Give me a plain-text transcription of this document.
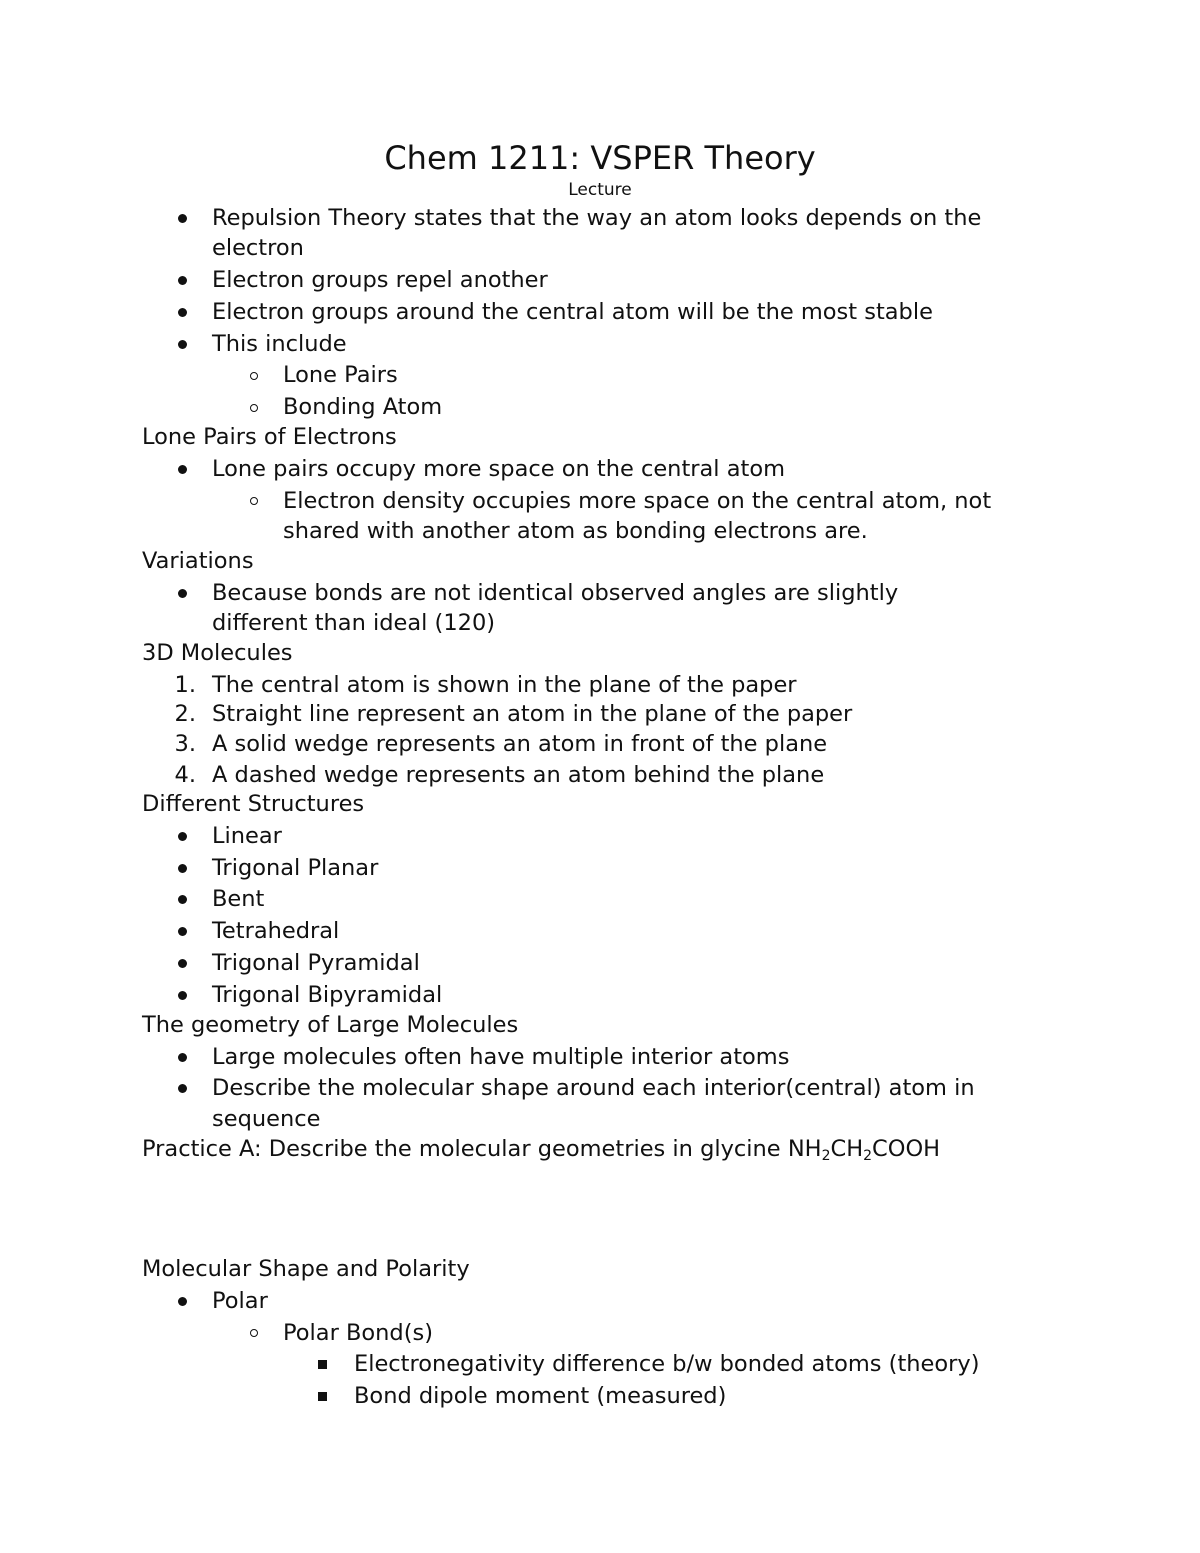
Chem 1211: VSPER Theory
Lecture
Repulsion Theory states that the way an atom looks depends on the
electron
Electron groups repel another
Electron groups around the central atom will be the most stable
This include
Lone Pairs
Bonding Atom
Lone Pairs of Electrons
Lone pairs occupy more space on the central atom
Electron density occupies more space on the central atom, not
shared with another atom as bonding electrons are.
Variations
Because bonds are not identical observed angles are slightly
different than ideal (120)
3D Molecules
1. The central atom is shown in the plane of the paper
2. Straight line represent an atom in the plane of the paper
3. A solid wedge represents an atom in front of the plane
4. A dashed wedge represents an atom behind the plane
Different Structures
Linear
Trigonal Planar
Bent
Tetrahedral
Trigonal Pyramidal
Trigonal Bipyramidal
The geometry of Large Molecules
Large molecules often have multiple interior atoms
Describe the molecular shape around each interior(central) atom in
sequence
Practice A: Describe the molecular geometries in glycine $NH_2CH_2COOH$
Molecular Shape and Polarity
Polar
Polar Bond(s)
Electronegativity difference b/w bonded atoms (theory)
Bond dipole moment (measured)
